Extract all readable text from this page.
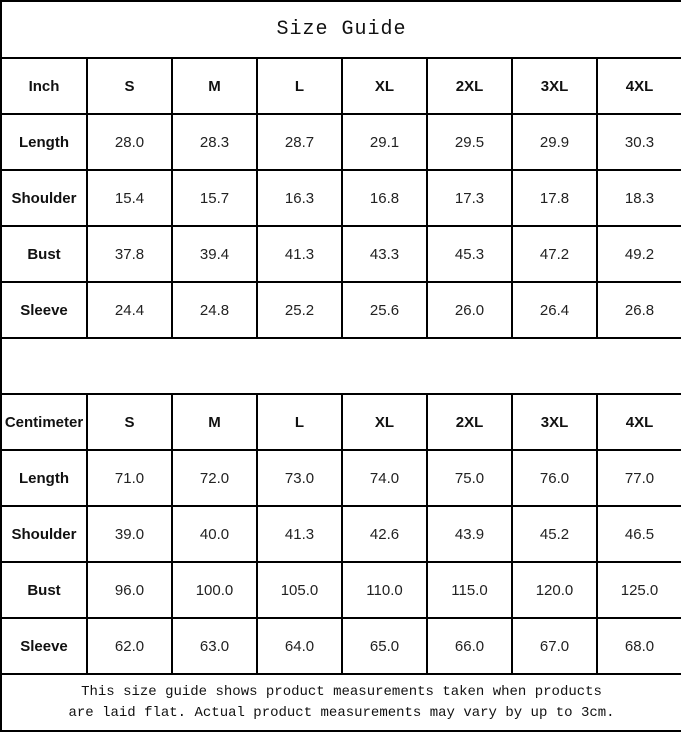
Size Guide							
Inch	S	M	L	XL	2XL	3XL	4XL
Length	28.0	28.3	28.7	29.1	29.5	29.9	30.3
Shoulder	15.4	15.7	16.3	16.8	17.3	17.8	18.3
Bust	37.8	39.4	41.3	43.3	45.3	47.2	49.2
Sleeve	24.4	24.8	25.2	25.6	26.0	26.4	26.8

Centimeter	S	M	L	XL	2XL	3XL	4XL
Length	71.0	72.0	73.0	74.0	75.0	76.0	77.0
Shoulder	39.0	40.0	41.3	42.6	43.9	45.2	46.5
Bust	96.0	100.0	105.0	110.0	115.0	120.0	125.0
Sleeve	62.0	63.0	64.0	65.0	66.0	67.0	68.0

This size guide shows product measurements taken when products
are laid flat. Actual product measurements may vary by up to 3cm.							
